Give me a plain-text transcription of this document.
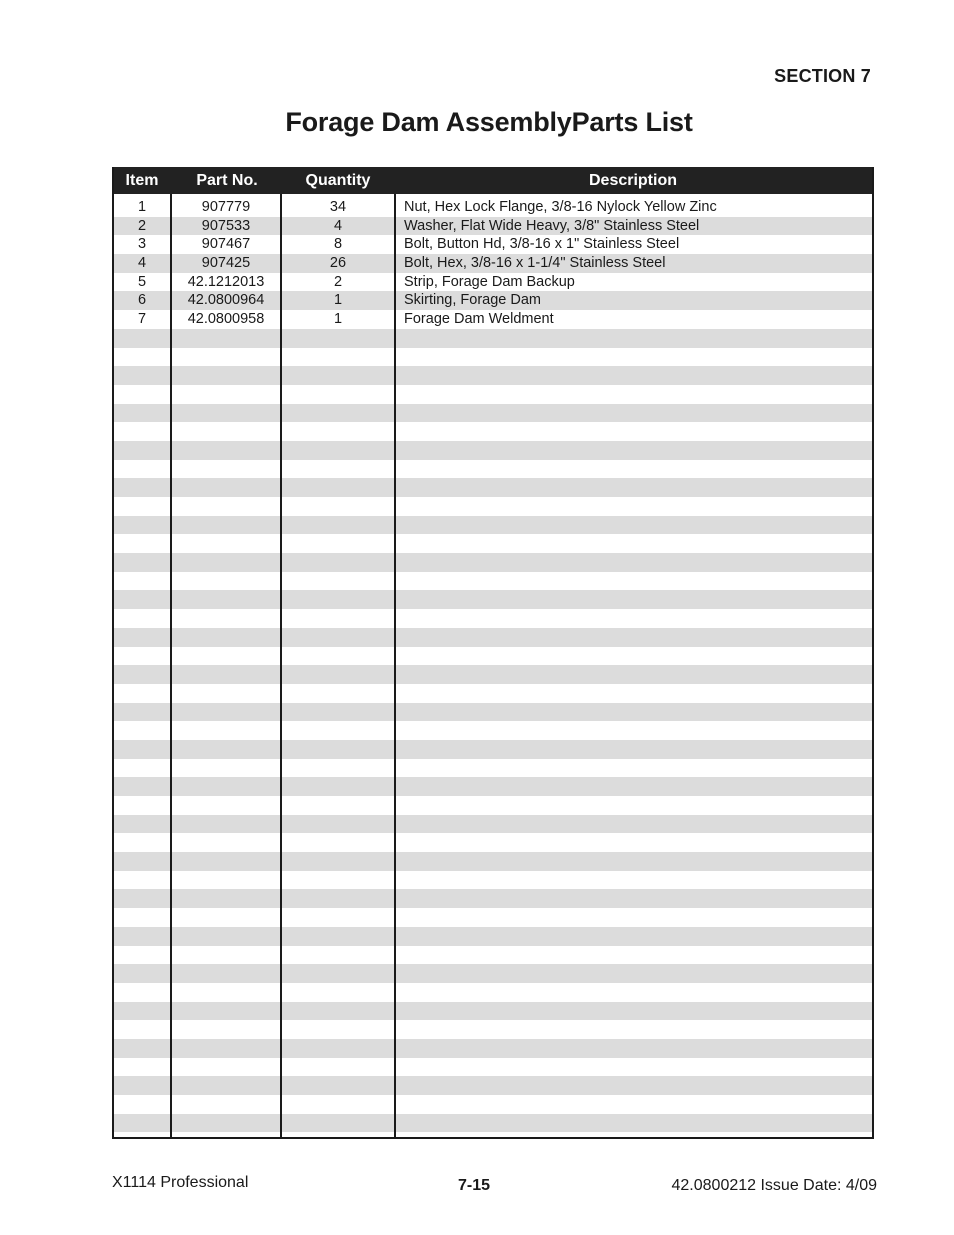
SECTION 7
Forage Dam AssemblyParts List
Item	Part No.	Quantity	Description
1	907779	34	Nut, Hex Lock Flange, 3/8-16 Nylock Yellow Zinc
2	907533	4	Washer, Flat Wide Heavy, 3/8" Stainless Steel
3	907467	8	Bolt, Button Hd, 3/8-16 x 1" Stainless Steel
4	907425	26	Bolt, Hex, 3/8-16 x 1-1/4" Stainless Steel
5	42.1212013	2	Strip, Forage Dam Backup
6	42.0800964	1	Skirting, Forage Dam
7	42.0800958	1	Forage Dam Weldment
X1114 Professional	7-15	42.0800212 Issue Date: 4/09
